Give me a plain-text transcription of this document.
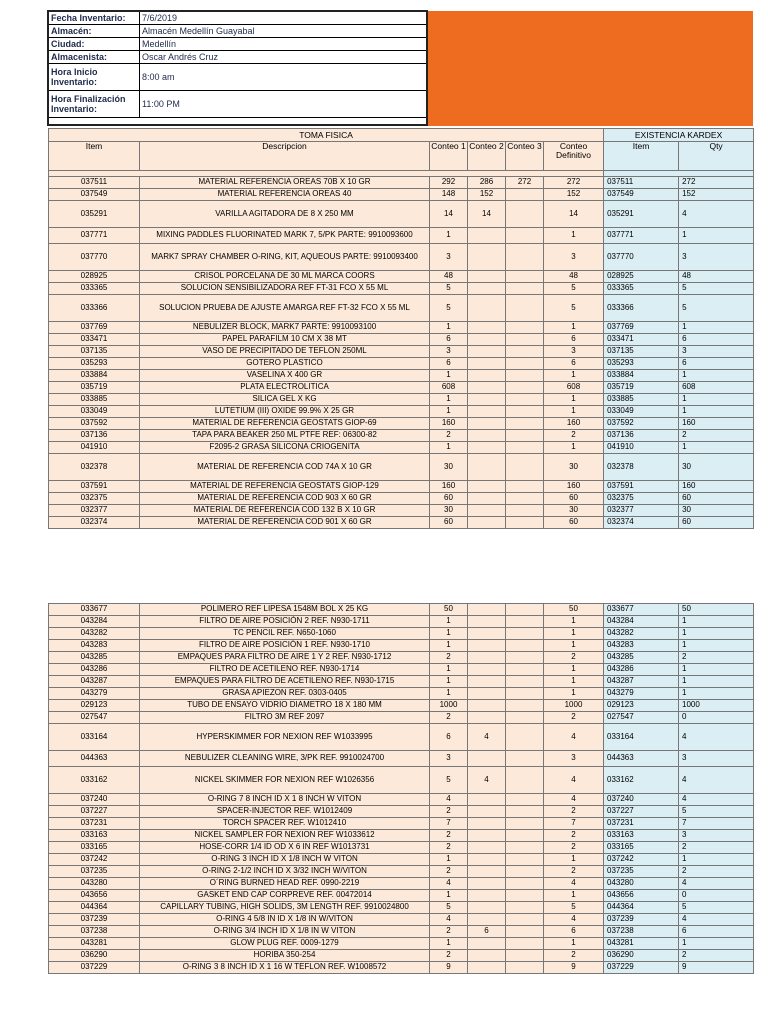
Fecha Inventario:	7/6/2019
Almacén:	Almacén Medellín Guayabal
Ciudad:	Medellín
Almacenista:	Oscar Andrés Cruz
Hora Inicio Inventario:	8:00 am
Hora Finalización Inventario:	11:00 PM
TOMA FISICA						EXISTENCIA KARDEX	
Item	Descripcion	Conteo 1	Conteo 2	Conteo 3	Conteo Definitivo	Item	Qty

037511	MATERIAL REFERENCIA OREAS 70B X 10 GR	292	286	272	272	037511	272
037549	MATERIAL REFERENCIA OREAS 40	148	152		152	037549	152
035291	VARILLA AGITADORA DE 8 X 250 MM	14	14		14	035291	4
037771	MIXING PADDLES FLUORINATED MARK 7, 5/PK PARTE: 9910093600	1			1	037771	1
037770	MARK7 SPRAY CHAMBER O-RING, KIT, AQUEOUS PARTE: 9910093400	3			3	037770	3
028925	CRISOL PORCELANA DE 30 ML MARCA COORS	48			48	028925	48
033365	SOLUCION SENSIBILIZADORA REF FT-31 FCO X 55 ML	5			5	033365	5
033366	SOLUCION PRUEBA DE AJUSTE AMARGA REF FT-32 FCO X 55 ML	5			5	033366	5
037769	NEBULIZER BLOCK, MARK7 PARTE: 9910093100	1			1	037769	1
033471	PAPEL PARAFILM 10 CM X 38 MT	6			6	033471	6
037135	VASO DE PRECIPITADO DE TEFLON 250ML	3			3	037135	3
035293	GOTERO PLASTICO	6			6	035293	6
033884	VASELINA X 400 GR	1			1	033884	1
035719	PLATA ELECTROLITICA	608			608	035719	608
033885	SILICA GEL X KG	1			1	033885	1
033049	LUTETIUM (III) OXIDE 99.9% X 25 GR	1			1	033049	1
037592	MATERIAL DE REFERENCIA GEOSTATS GIOP-69	160			160	037592	160
037136	TAPA PARA BEAKER 250 ML PTFE REF: 06300-82	2			2	037136	2
041910	F2095-2 GRASA SILICONA CRIOGENITA	1			1	041910	1
032378	MATERIAL DE REFERENCIA COD 74A X 10 GR	30			30	032378	30
037591	MATERIAL DE REFERENCIA GEOSTATS GIOP-129	160			160	037591	160
032375	MATERIAL DE REFERENCIA COD 903 X 60 GR	60			60	032375	60
032377	MATERIAL DE REFERENCIA COD 132 B X 10 GR	30			30	032377	30
032374	MATERIAL DE REFERENCIA COD 901 X 60 GR	60			60	032374	60
033677	POLIMERO REF LIPESA 1548M BOL X 25 KG	50			50	033677	50
043284	FILTRO DE AIRE POSICIÓN 2 REF. N930-1711	1			1	043284	1
043282	TC PENCIL REF. N650-1060	1			1	043282	1
043283	FILTRO DE AIRE POSICIÓN 1 REF. N930-1710	1			1	043283	1
043285	EMPAQUES PARA FILTRO DE AIRE 1 Y 2 REF. N930-1712	2			2	043285	2
043286	FILTRO DE ACETILENO REF. N930-1714	1			1	043286	1
043287	EMPAQUES PARA FILTRO DE ACETILENO REF. N930-1715	1			1	043287	1
043279	GRASA APIEZON REF. 0303-0405	1			1	043279	1
029123	TUBO DE ENSAYO VIDRIO DIAMETRO 18 X 180 MM	1000			1000	029123	1000
027547	FILTRO 3M REF 2097	2			2	027547	0
033164	HYPERSKIMMER FOR NEXION REF W1033995	6	4		4	033164	4
044363	NEBULIZER CLEANING WIRE, 3/PK REF. 9910024700	3			3	044363	3
033162	NICKEL SKIMMER FOR NEXION REF W1026356	5	4		4	033162	4
037240	O-RING 7 8 INCH ID X 1 8 INCH W VITON	4			4	037240	4
037227	SPACER-INJECTOR REF. W1012409	2			2	037227	5
037231	TORCH SPACER REF. W1012410	7			7	037231	7
033163	NICKEL SAMPLER FOR NEXION REF W1033612	2			2	033163	3
033165	HOSE-CORR 1/4 ID OD X 6 IN REF W1013731	2			2	033165	2
037242	O-RING 3 INCH ID X 1/8 INCH W VITON	1			1	037242	1
037235	O-RING 2-1/2 INCH ID X 3/32 INCH W/VITON	2			2	037235	2
043280	O´RING BURNED HEAD REF. 0990-2219	4			4	043280	4
043656	GASKET END CAP CORPREVE REF. 00472014	1			1	043656	0
044364	CAPILLARY TUBING, HIGH SOLIDS, 3M LENGTH REF. 9910024800	5			5	044364	5
037239	O-RING 4 5/8 IN ID X 1/8 IN W/VITON	4			4	037239	4
037238	O-RING 3/4 INCH ID X 1/8 IN W VITON	2	6		6	037238	6
043281	GLOW PLUG REF. 0009-1279	1			1	043281	1
036290	HORIBA 350-254	2			2	036290	2
037229	O-RING 3 8 INCH ID X 1 16 W TEFLON REF. W1008572	9			9	037229	9
